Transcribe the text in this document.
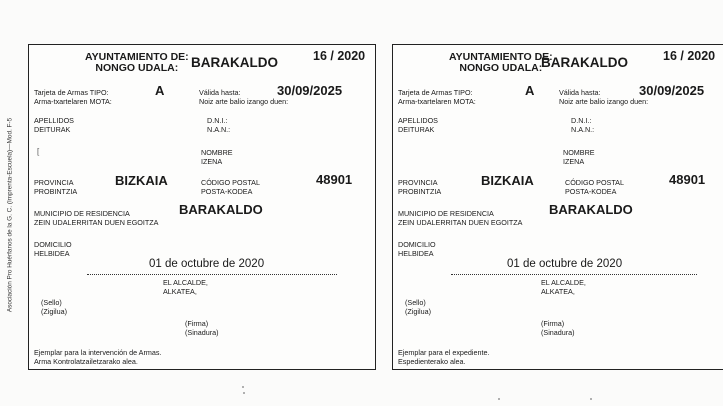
Asociación Pro Huérfanos de la G. C. (Imprenta-Escuela)—Mod. F-5
AYUNTAMIENTO DE:
NONGO UDALA: BARAKALDO	16 / 2020
Tarjeta de Armas TIPO:
Arma-txartelaren MOTA:
A	Válida hasta:
Noiz arte balio izango duen:
30/09/2025
APELLIDOS
DEITURAK
D.N.I.:
N.A.N.:
[	NOMBRE
IZENA
PROVINCIA
PROBINTZIA
BIZKAIA	CÓDIGO POSTAL
POSTA-KODEA
48901
MUNICIPIO DE RESIDENCIA
ZEIN UDALERRITAN DUEN EGOITZA
BARAKALDO
DOMICILIO
HELBIDEA
01 de octubre de 2020
EL ALCALDE,
ALKATEA,
(Sello)
(Zigilua)
(Firma)
(Sinadura)
Ejemplar para la intervención de Armas.
Arma Kontrolatzailetzarako alea.
AYUNTAMIENTO DE:
NONGO UDALA:
BARAKALDO	16 / 2020
Tarjeta de Armas TIPO:
Arma-txartelaren MOTA:
A	Válida hasta:
Noiz arte balio izango duen:
30/09/2025
APELLIDOS
DEITURAK
D.N.I.:
N.A.N.:
NOMBRE
IZENA
PROVINCIA
PROBINTZIA
BIZKAIA	CÓDIGO POSTAL
POSTA-KODEA
48901
MUNICIPIO DE RESIDENCIA
ZEIN UDALERRITAN DUEN EGOITZA
BARAKALDO
DOMICILIO
HELBIDEA
01 de octubre de 2020
EL ALCALDE,
ALKATEA,
(Sello)
(Zigilua)
(Firma)
(Sinadura)
Ejemplar para el expediente.
Espedienterako alea.
